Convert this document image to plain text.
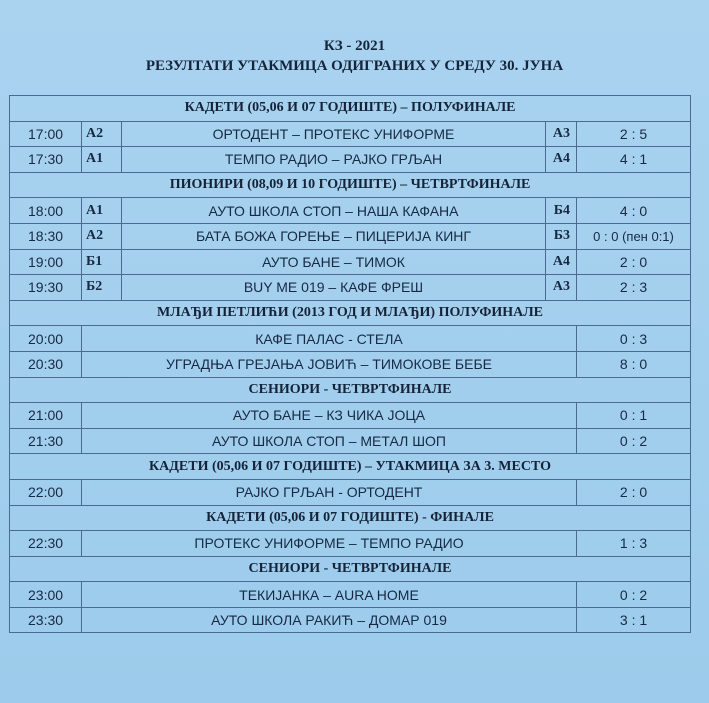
КЗ - 2021
РЕЗУЛТАТИ УТАКМИЦА ОДИГРАНИХ У СРЕДУ 30. ЈУНА
КАДЕТИ (05,06 И 07 ГОДИШТЕ) – ПОЛУФИНАЛЕ				
17:00	А2	ОРТОДЕНТ – ПРОТЕКС УНИФОРМЕ	А3	2 : 5
17:30	А1	ТЕМПО РАДИО – РАЈКО ГРЉАН	А4	4 : 1
ПИОНИРИ (08,09 И 10 ГОДИШТЕ) – ЧЕТВРТФИНАЛЕ				
18:00	А1	АУТО ШКОЛА СТОП – НАША КАФАНА	Б4	4 : 0
18:30	А2	БАТА БОЖА ГОРЕЊЕ – ПИЦЕРИЈА КИНГ	Б3	0 : 0 (пен 0:1)
19:00	Б1	АУТО БАНЕ – ТИМОК	А4	2 : 0
19:30	Б2	BUY ME 019 – КАФЕ ФРЕШ	А3	2 : 3
МЛАЂИ ПЕТЛИЋИ (2013 ГОД И МЛАЂИ) ПОЛУФИНАЛЕ				
20:00	КАФЕ ПАЛАС - СТЕЛА			0 : 3
20:30	УГРАДЊА ГРЕЈАЊА ЈОВИЋ – ТИМОКОВЕ БЕБЕ			8 : 0
СЕНИОРИ - ЧЕТВРТФИНАЛЕ				
21:00	АУТО БАНЕ – КЗ ЧИКА ЈОЦА			0 : 1
21:30	АУТО ШКОЛА СТОП – МЕТАЛ ШОП			0 : 2
КАДЕТИ (05,06 И 07 ГОДИШТЕ) – УТАКМИЦА ЗА 3. МЕСТО				
22:00	РАЈКО ГРЉАН - ОРТОДЕНТ			2 : 0
КАДЕТИ (05,06 И 07 ГОДИШТЕ) - ФИНАЛЕ				
22:30	ПРОТЕКС УНИФОРМЕ – ТЕМПО РАДИО			1 : 3
СЕНИОРИ - ЧЕТВРТФИНАЛЕ				
23:00	ТЕКИЈАНКА – AURA HOME			0 : 2
23:30	АУТО ШКОЛА РАКИЋ – ДОМАР 019			3 : 1
